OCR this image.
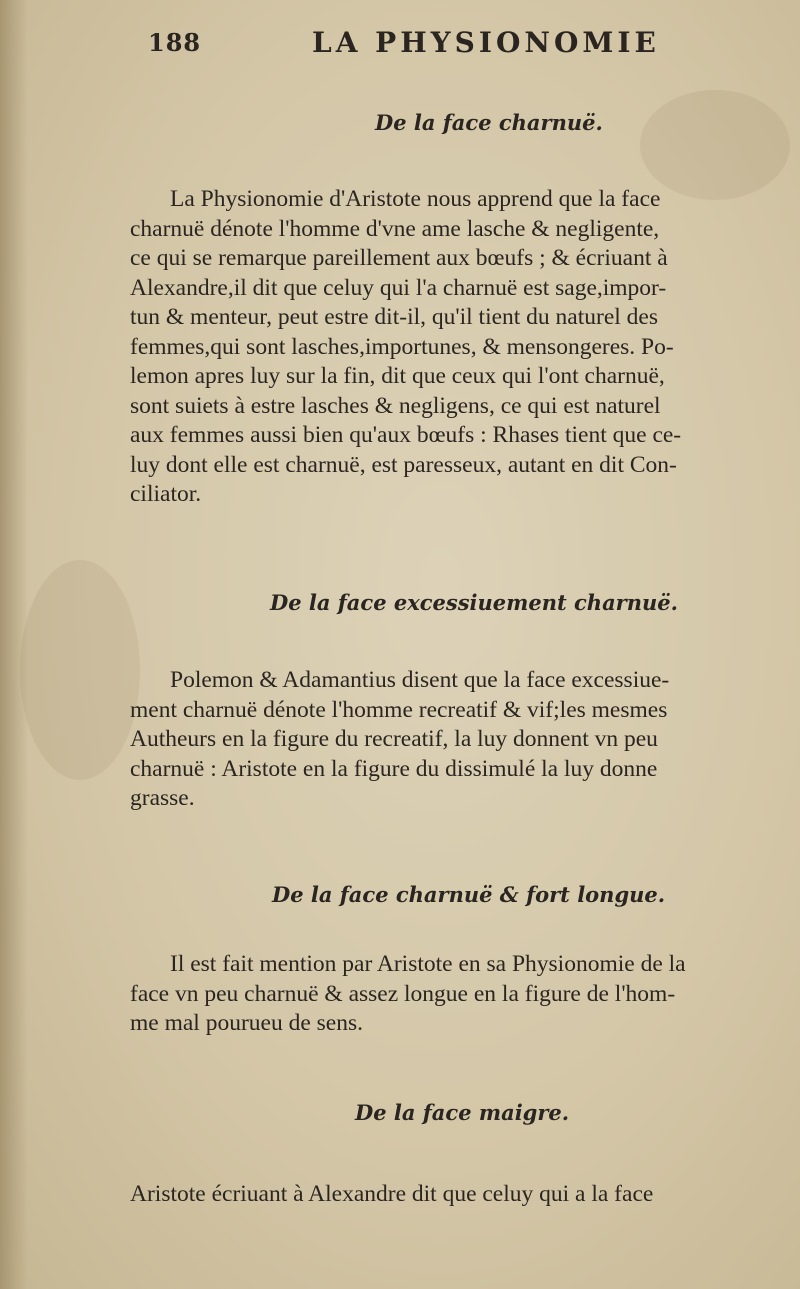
188	LA PHYSIONOMIE
De la face charnuë.
La Physionomie d'Aristote nous apprend que la face
charnuë dénote l'homme d'vne ame lasche & negligente,
ce qui se remarque pareillement aux bœufs ; & écriuant à
Alexandre,il dit que celuy qui l'a charnuë est sage,impor-
tun & menteur, peut estre dit-il, qu'il tient du naturel des
femmes,qui sont lasches,importunes, & mensongeres. Po-
lemon apres luy sur la fin, dit que ceux qui l'ont charnuë,
sont suiets à estre lasches & negligens, ce qui est naturel
aux femmes aussi bien qu'aux bœufs : Rhases tient que ce-
luy dont elle est charnuë, est paresseux, autant en dit Con-
ciliator.
De la face excessiuement charnuë.
Polemon & Adamantius disent que la face excessiue-
ment charnuë dénote l'homme recreatif & vif;les mesmes
Autheurs en la figure du recreatif, la luy donnent vn peu
charnuë : Aristote en la figure du dissimulé la luy donne
grasse.
De la face charnuë & fort longue.
Il est fait mention par Aristote en sa Physionomie de la
face vn peu charnuë & assez longue en la figure de l'hom-
me mal pourueu de sens.
De la face maigre.
Aristote écriuant à Alexandre dit que celuy qui a la face
